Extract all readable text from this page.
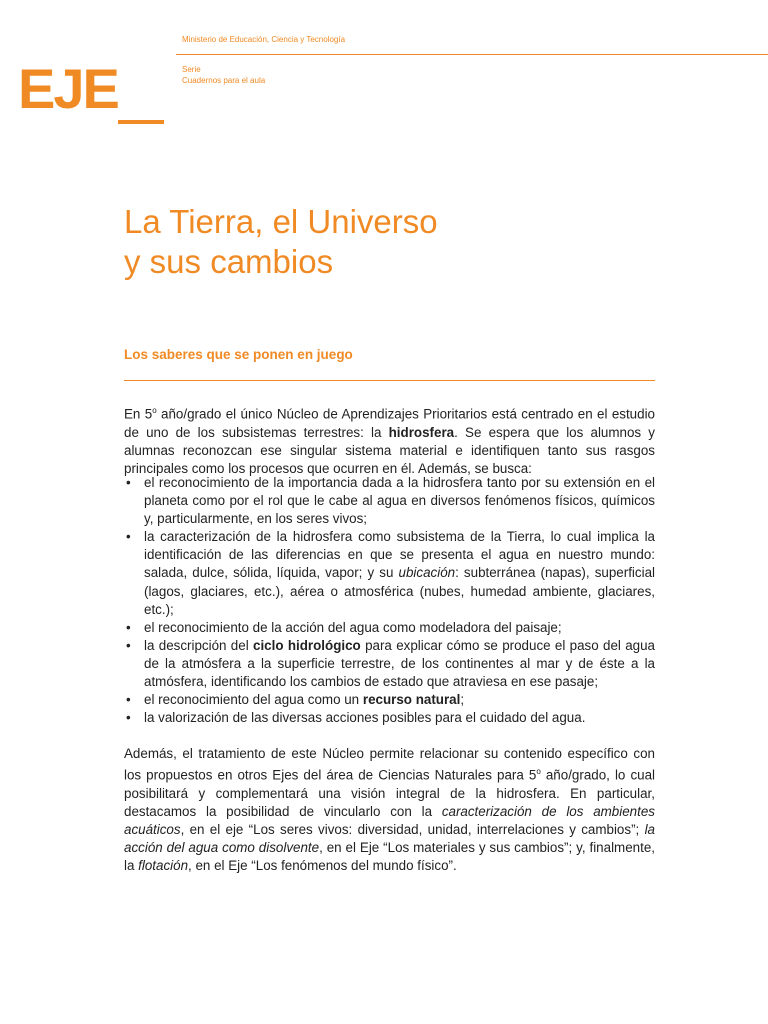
Ministerio de Educación, Ciencia y Tecnología
Serie
Cuadernos para el aula
EJE
La Tierra, el Universo
y sus cambios
Los saberes que se ponen en juego

En 5$^o$ año/grado el único Núcleo de Aprendizajes Prioritarios está centrado en el estudio de uno de los subsistemas terrestres: la hidrosfera. Se espera que los alumnos y alumnas reconozcan ese singular sistema material e identifiquen tanto sus rasgos principales como los procesos que ocurren en él. Además, se busca:

• el reconocimiento de la importancia dada a la hidrosfera tanto por su extensión en el planeta como por el rol que le cabe al agua en diversos fenómenos físicos, químicos y, particularmente, en los seres vivos;
• la caracterización de la hidrosfera como subsistema de la Tierra, lo cual implica la identificación de las diferencias en que se presenta el agua en nuestro mundo: salada, dulce, sólida, líquida, vapor; y su ubicación: subterránea (napas), superficial (lagos, glaciares, etc.), aérea o atmosférica (nubes, humedad ambiente, glaciares, etc.);
• el reconocimiento de la acción del agua como modeladora del paisaje;
• la descripción del ciclo hidrológico para explicar cómo se produce el paso del agua de la atmósfera a la superficie terrestre, de los continentes al mar y de éste a la atmósfera, identificando los cambios de estado que atraviesa en ese pasaje;
• el reconocimiento del agua como un recurso natural;
• la valorización de las diversas acciones posibles para el cuidado del agua.

Además, el tratamiento de este Núcleo permite relacionar su contenido específico con los propuestos en otros Ejes del área de Ciencias Naturales para 5$^o$ año/grado, lo cual posibilitará y complementará una visión integral de la hidrosfera. En particular, destacamos la posibilidad de vincularlo con la caracterización de los ambientes acuáticos, en el eje “Los seres vivos: diversidad, unidad, interrelaciones y cambios”; la acción del agua como disolvente, en el Eje “Los materiales y sus cambios”; y, finalmente, la flotación, en el Eje “Los fenómenos del mundo físico”.
